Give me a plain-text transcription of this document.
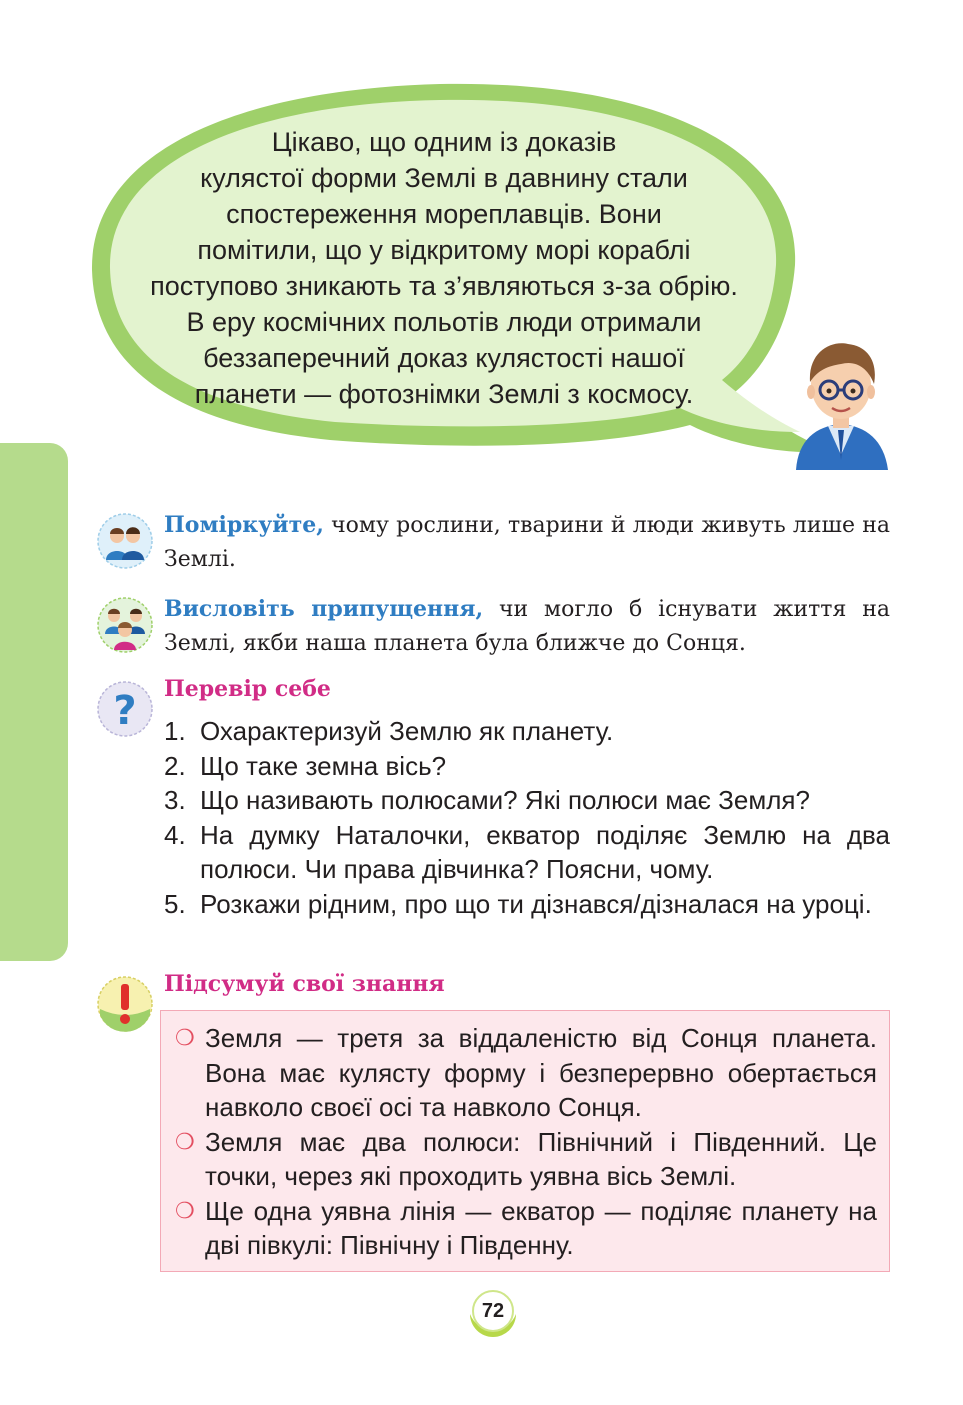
Цікаво, що одним із доказів
кулястої форми Землі в давнину стали
спостереження мореплавців. Вони
помітили, що у відкритому морі кораблі
поступово зникають та з’являються з-за обрію.
В еру космічних польотів люди отримали
беззаперечний доказ кулястості нашої
планети — фотознімки Землі з космосу.
Поміркуйте, чому рослини, тварини й люди живуть лише на Землі.
Висловіть припущення, чи могло б існувати життя на Землі, якби наша планета була ближче до Сонця.
? Перевір себе
1. Охарактеризуй Землю як планету.
2. Що таке земна вісь?
3. Що називають полюсами? Які полюси має Земля?
4. На думку Наталочки, екватор поділяє Землю на два полюси. Чи права дівчинка? Поясни, чому.
5. Розкажи рідним, про що ти дізнався/дізналася на уроці.
Підсумуй свої знання
❍ Земля — третя за віддаленістю від Сонця планета. Вона має кулясту форму і безперервно обертається навколо своєї осі та навколо Сонця.
❍ Земля має два полюси: Північний і Південний. Це точки, через які проходить уявна вісь Землі.
❍ Ще одна уявна лінія — екватор — поділяє планету на дві півкулі: Північну і Південну.
72
